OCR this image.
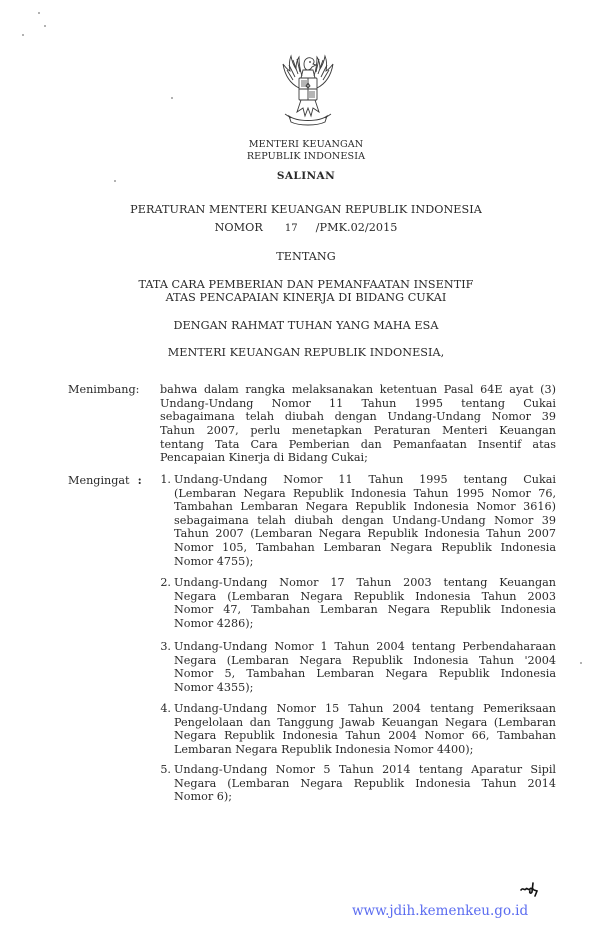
MENTERI KEUANGAN
REPUBLIK INDONESIA
SALINAN
PERATURAN MENTERI KEUANGAN REPUBLIK INDONESIA
NOMOR 17 /PMK.02/2015
TENTANG
TATA CARA PEMBERIAN DAN PEMANFAATAN INSENTIF
ATAS PENCAPAIAN KINERJA DI BIDANG CUKAI
DENGAN RAHMAT TUHAN YANG MAHA ESA
MENTERI KEUANGAN REPUBLIK INDONESIA,
Menimbang: bahwa dalam rangka melaksanakan ketentuan Pasal 64E ayat (3)
Undang-Undang Nomor 11 Tahun 1995 tentang Cukai
sebagaimana telah diubah dengan Undang-Undang Nomor 39
Tahun 2007, perlu menetapkan Peraturan Menteri Keuangan
tentang Tata Cara Pemberian dan Pemanfaatan Insentif atas
Pencapaian Kinerja di Bidang Cukai;
Mengingat :	1. Undang-Undang Nomor 11 Tahun 1995 tentang Cukai
(Lembaran Negara Republik Indonesia Tahun 1995 Nomor 76,
Tambahan Lembaran Negara Republik Indonesia Nomor 3616)
sebagaimana telah diubah dengan Undang-Undang Nomor 39
Tahun 2007 (Lembaran Negara Republik Indonesia Tahun 2007
Nomor 105, Tambahan Lembaran Negara Republik Indonesia
Nomor 4755);
2. Undang-Undang Nomor 17 Tahun 2003 tentang Keuangan
Negara (Lembaran Negara Republik Indonesia Tahun 2003
Nomor 47, Tambahan Lembaran Negara Republik Indonesia
Nomor 4286);
3. Undang-Undang Nomor 1 Tahun 2004 tentang Perbendaharaan
Negara (Lembaran Negara Republik Indonesia Tahun '2004
Nomor 5, Tambahan Lembaran Negara Republik Indonesia
Nomor 4355);
4. Undang-Undang Nomor 15 Tahun 2004 tentang Pemeriksaan
Pengelolaan dan Tanggung Jawab Keuangan Negara (Lembaran
Negara Republik Indonesia Tahun 2004 Nomor 66, Tambahan
Lembaran Negara Republik Indonesia Nomor 4400);
5. Undang-Undang Nomor 5 Tahun 2014 tentang Aparatur Sipil
Negara (Lembaran Negara Republik Indonesia Tahun 2014
Nomor 6);
www.jdih.kemenkeu.go.id
